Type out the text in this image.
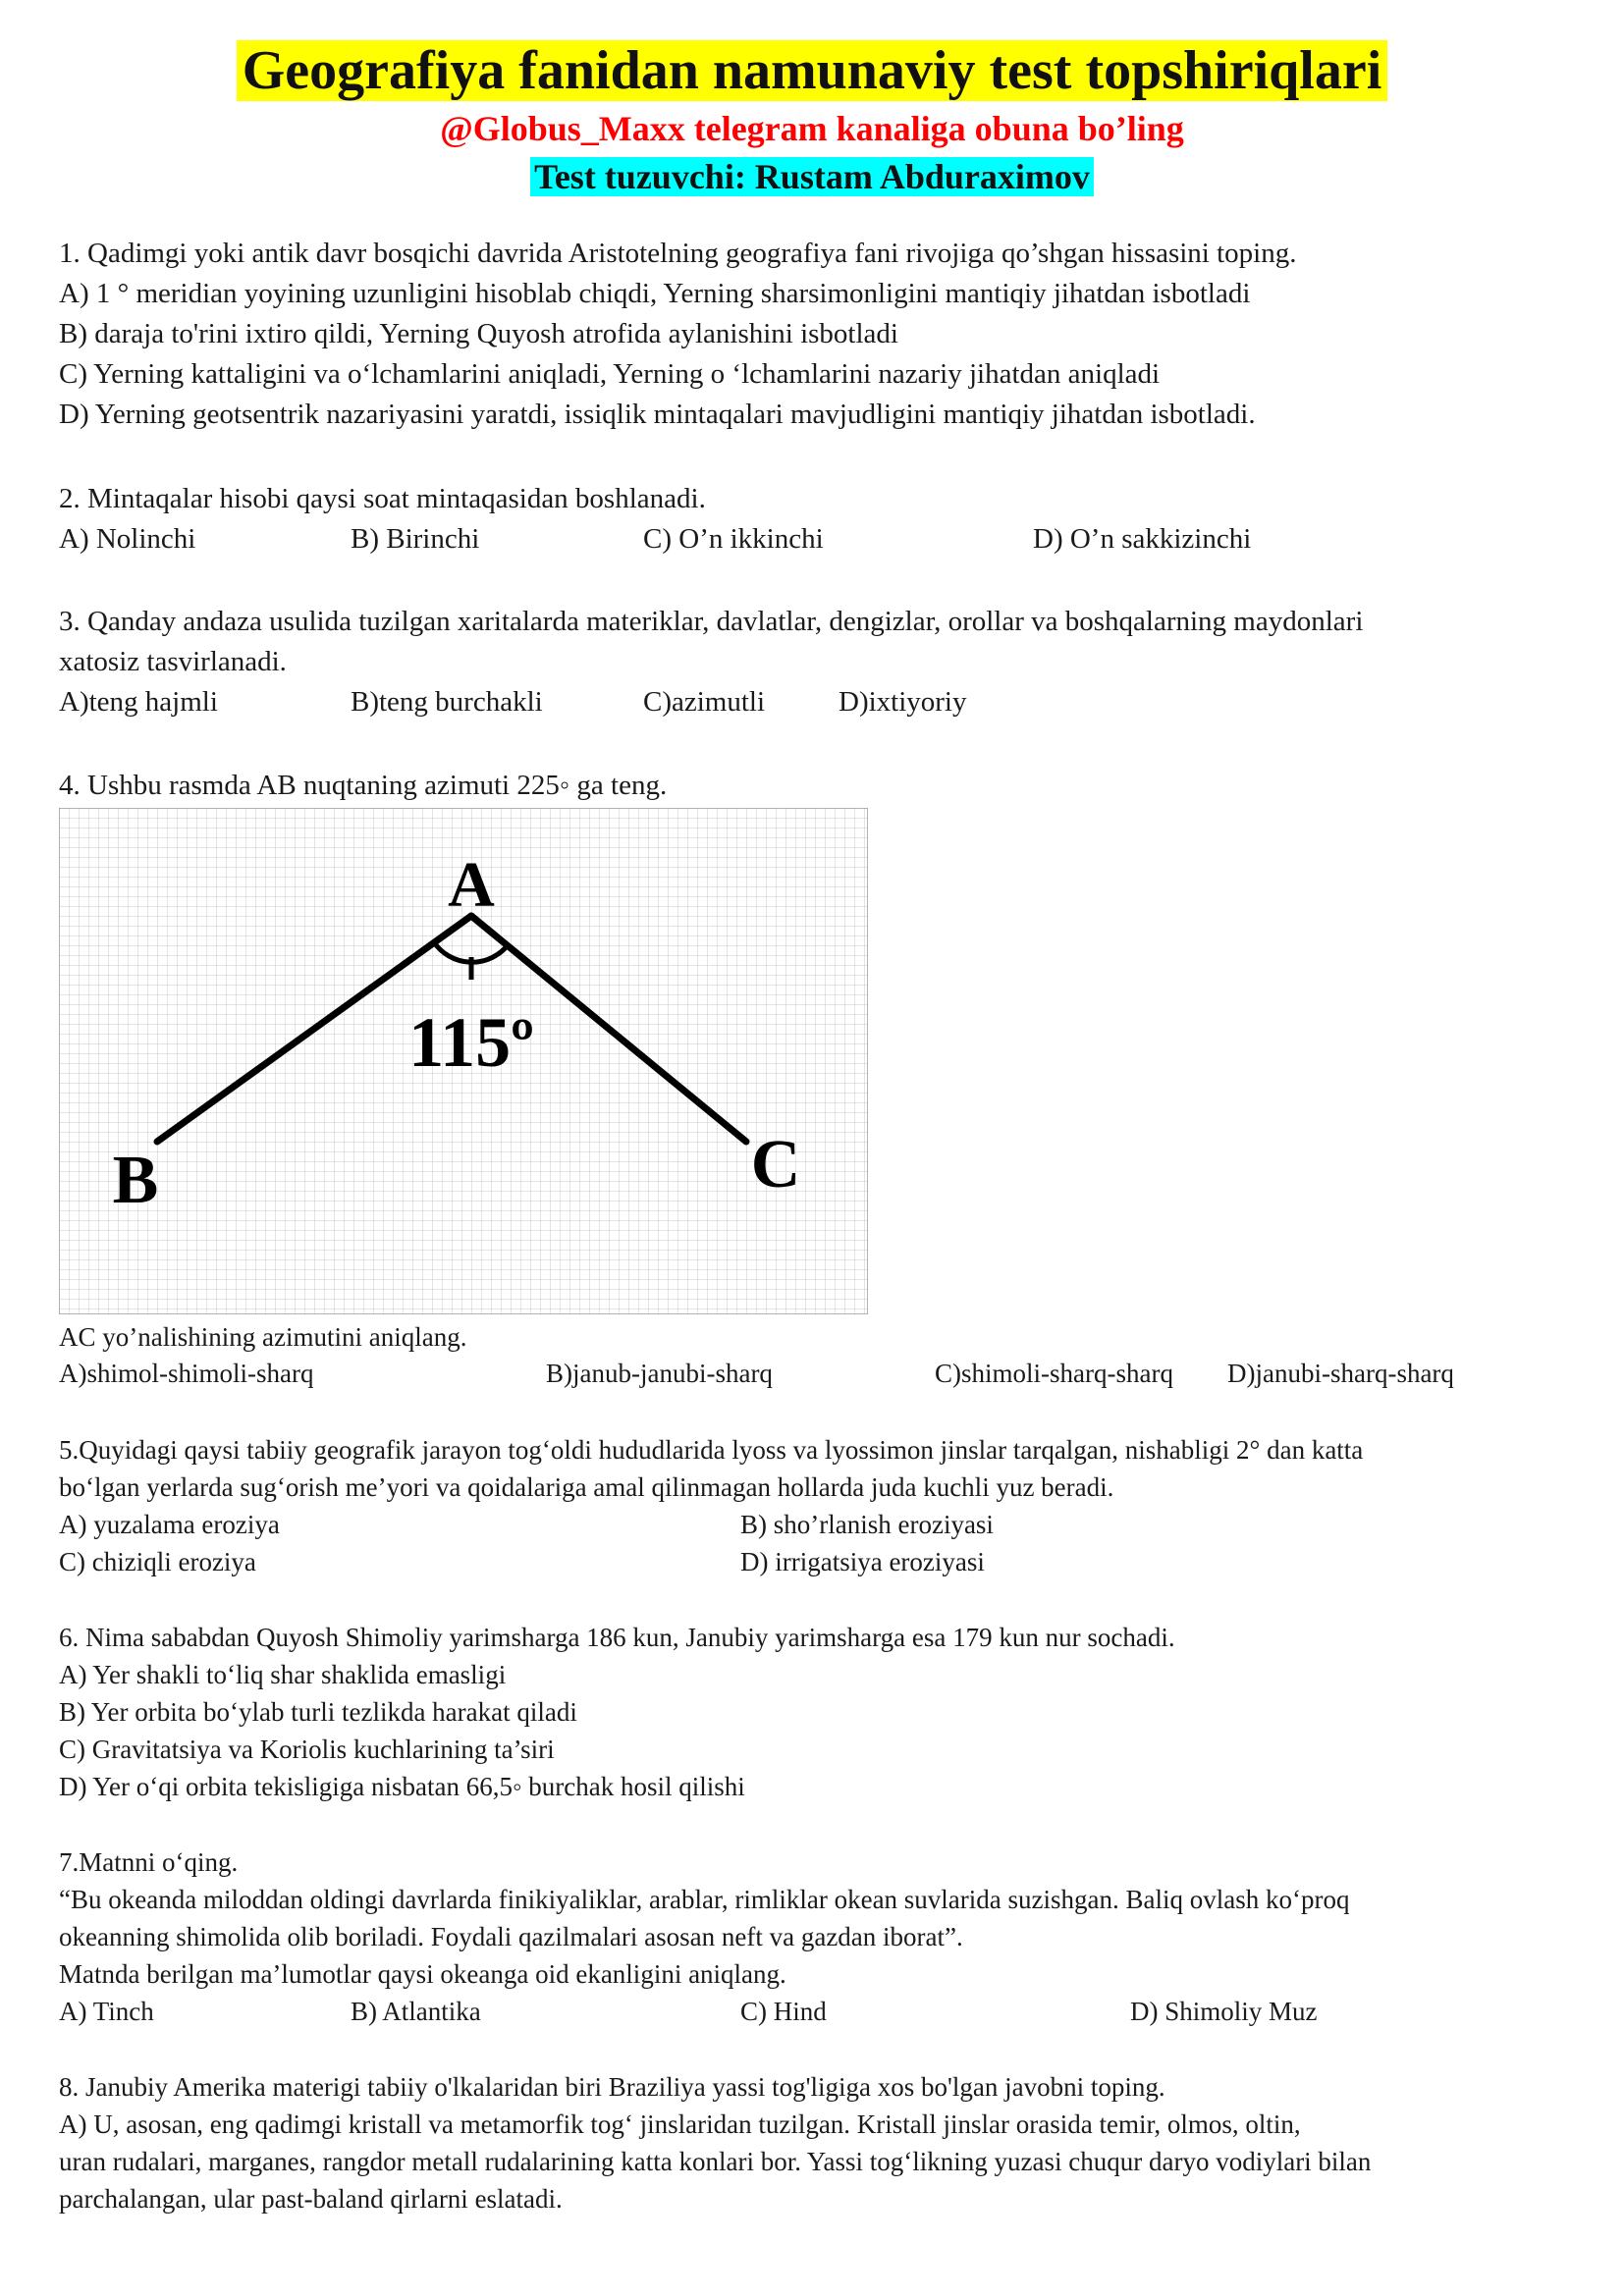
Geografiya fanidan namunaviy test topshiriqlari
@Globus_Maxx telegram kanaliga obuna bo’ling
Test tuzuvchi: Rustam Abduraximov
1. Qadimgi yoki antik davr bosqichi davrida Aristotelning geografiya fani rivojiga qo’shgan hissasini toping.
A) 1 ° meridian yoyining uzunligini hisoblab chiqdi, Yerning sharsimonligini mantiqiy jihatdan isbotladi
B) daraja to'rini ixtiro qildi, Yerning Quyosh atrofida aylanishini isbotladi
C) Yerning kattaligini va o‘lchamlarini aniqladi, Yerning o ‘lchamlarini nazariy jihatdan aniqladi
D) Yerning geotsentrik nazariyasini yaratdi, issiqlik mintaqalari mavjudligini mantiqiy jihatdan isbotladi.
2. Mintaqalar hisobi qaysi soat mintaqasidan boshlanadi.
A) Nolinchi	B) Birinchi	C) O’n ikkinchi	D) O’n sakkizinchi
3. Qanday andaza usulida tuzilgan xaritalarda materiklar, davlatlar, dengizlar, orollar va boshqalarning maydonlari
xatosiz tasvirlanadi.
A)teng hajmli	B)teng burchakli	C)azimutli	D)ixtiyoriy
4. Ushbu rasmda AB nuqtaning azimuti 225◦ ga teng.
A
115º
B	C
AC yo’nalishining azimutini aniqlang.
A)shimol-shimoli-sharq	B)janub-janubi-sharq	C)shimoli-sharq-sharq D)janubi-sharq-sharq
5.Quyidagi qaysi tabiiy geografik jarayon tog‘oldi hududlarida lyoss va lyossimon jinslar tarqalgan, nishabligi 2° dan katta
bo‘lgan yerlarda sug‘orish me’yori va qoidalariga amal qilinmagan hollarda juda kuchli yuz beradi.
A) yuzalama eroziya	B) sho’rlanish eroziyasi
C) chiziqli eroziya	D) irrigatsiya eroziyasi
6. Nima sababdan Quyosh Shimoliy yarimsharga 186 kun, Janubiy yarimsharga esa 179 kun nur sochadi.
A) Yer shakli to‘liq shar shaklida emasligi
B) Yer orbita bo‘ylab turli tezlikda harakat qiladi
C) Gravitatsiya va Koriolis kuchlarining ta’siri
D) Yer o‘qi orbita tekisligiga nisbatan 66,5◦ burchak hosil qilishi
7.Matnni o‘qing.
“Bu okeanda miloddan oldingi davrlarda finikiyaliklar, arablar, rimliklar okean suvlarida suzishgan. Baliq ovlash ko‘proq
okeanning shimolida olib boriladi. Foydali qazilmalari asosan neft va gazdan iborat”.
Matnda berilgan ma’lumotlar qaysi okeanga oid ekanligini aniqlang.
A) Tinch	B) Atlantika	C) Hind	D) Shimoliy Muz
8. Janubiy Amerika materigi tabiiy o'lkalaridan biri Braziliya yassi tog'ligiga xos bo'lgan javobni toping.
A) U, asosan, eng qadimgi kristall va metamorfik tog‘ jinslaridan tuzilgan. Kristall jinslar orasida temir, olmos, oltin,
uran rudalari, marganes, rangdor metall rudalarining katta konlari bor. Yassi tog‘likning yuzasi chuqur daryo vodiylari bilan
parchalangan, ular past-baland qirlarni eslatadi.
